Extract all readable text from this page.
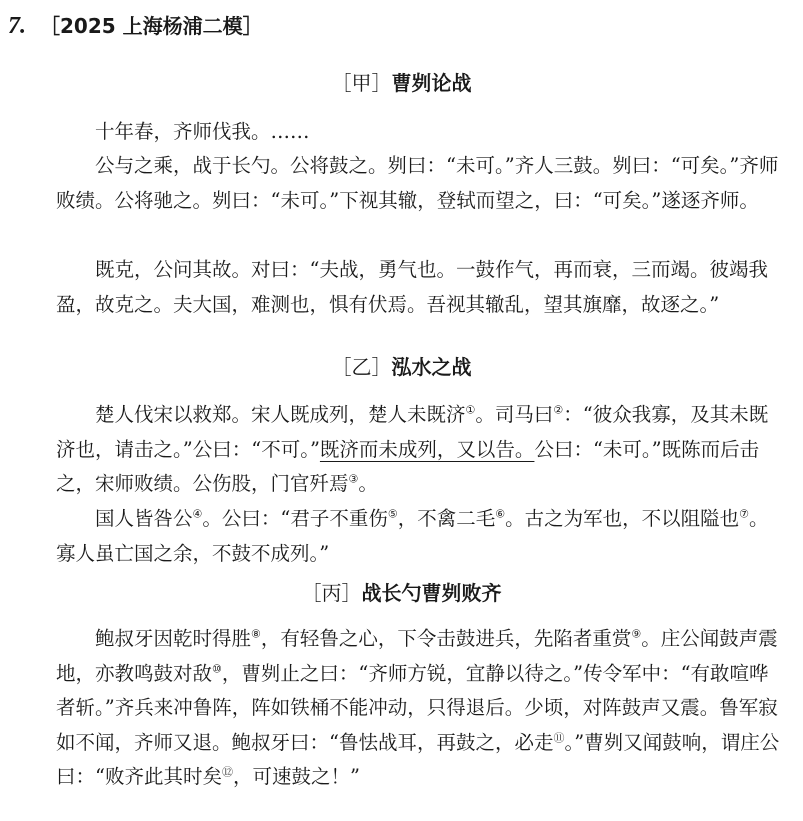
7. ［2025 上海杨浦二模］
［甲］曹刿论战
十年春，齐师伐我。……
公与之乘，战于长勺。公将鼓之。刿曰：“未可。”齐人三鼓。刿曰：“可矣。”齐师败绩。公将驰之。刿曰：“未可。”下视其辙，登轼而望之，曰：“可矣。”遂逐齐师。
既克，公问其故。对曰：“夫战，勇气也。一鼓作气，再而衰，三而竭。彼竭我盈，故克之。夫大国，难测也，惧有伏焉。吾视其辙乱，望其旗靡，故逐之。”
［乙］泓水之战
楚人伐宋以救郑。宋人既成列，楚人未既济①。司马曰②：“彼众我寡，及其未既济也，请击之。”公曰：“不可。”既济而未成列，又以告。公曰：“未可。”既陈而后击之，宋师败绩。公伤股，门官歼焉③。
国人皆咎公④。公曰：“君子不重伤⑤，不禽二毛⑥。古之为军也，不以阻隘也⑦。寡人虽亡国之余，不鼓不成列。”
［丙］战长勺曹刿败齐
鲍叔牙因乾时得胜⑧，有轻鲁之心，下令击鼓进兵，先陷者重赏⑨。庄公闻鼓声震地，亦教鸣鼓对敌⑩，曹刿止之曰：“齐师方锐，宜静以待之。”传令军中：“有敢喧哗者斩。”齐兵来冲鲁阵，阵如铁桶不能冲动，只得退后。少顷，对阵鼓声又震。鲁军寂如不闻，齐师又退。鲍叔牙曰：“鲁怯战耳，再鼓之，必走⑪。”曹刿又闻鼓响，谓庄公曰：“败齐此其时矣⑫，可速鼓之！”
